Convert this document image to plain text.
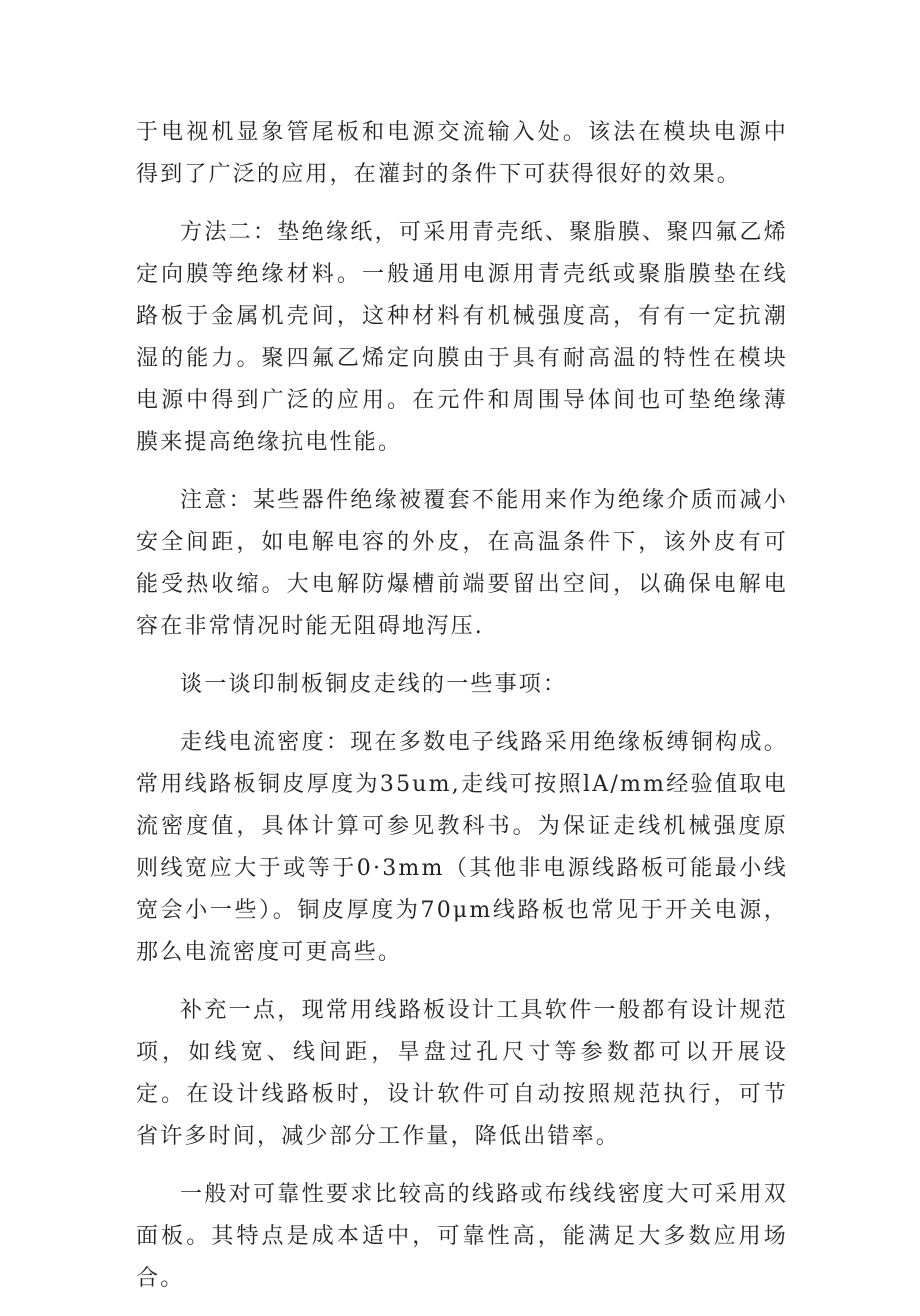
于电视机显象管尾板和电源交流输入处。该法在模块电源中得到了广泛的应用，在灌封的条件下可获得很好的效果。

方法二：垫绝缘纸，可采用青壳纸、聚脂膜、聚四氟乙烯定向膜等绝缘材料。一般通用电源用青壳纸或聚脂膜垫在线路板于金属机壳间，这种材料有机械强度高，有有一定抗潮湿的能力。聚四氟乙烯定向膜由于具有耐高温的特性在模块电源中得到广泛的应用。在元件和周围导体间也可垫绝缘薄膜来提高绝缘抗电性能。

注意：某些器件绝缘被覆套不能用来作为绝缘介质而减小安全间距，如电解电容的外皮，在高温条件下，该外皮有可能受热收缩。大电解防爆槽前端要留出空间，以确保电解电容在非常情况时能无阻碍地泻压.

谈一谈印制板铜皮走线的一些事项：

走线电流密度：现在多数电子线路采用绝缘板缚铜构成。常用线路板铜皮厚度为35um,走线可按照lA/mm经验值取电流密度值，具体计算可参见教科书。为保证走线机械强度原则线宽应大于或等于0·3mm（其他非电源线路板可能最小线宽会小一些）。铜皮厚度为70μm线路板也常见于开关电源，那么电流密度可更高些。

补充一点，现常用线路板设计工具软件一般都有设计规范项，如线宽、线间距，旱盘过孔尺寸等参数都可以开展设定。在设计线路板时，设计软件可自动按照规范执行，可节省许多时间，减少部分工作量，降低出错率。

一般对可靠性要求比较高的线路或布线线密度大可采用双面板。其特点是成本适中，可靠性高，能满足大多数应用场合。
